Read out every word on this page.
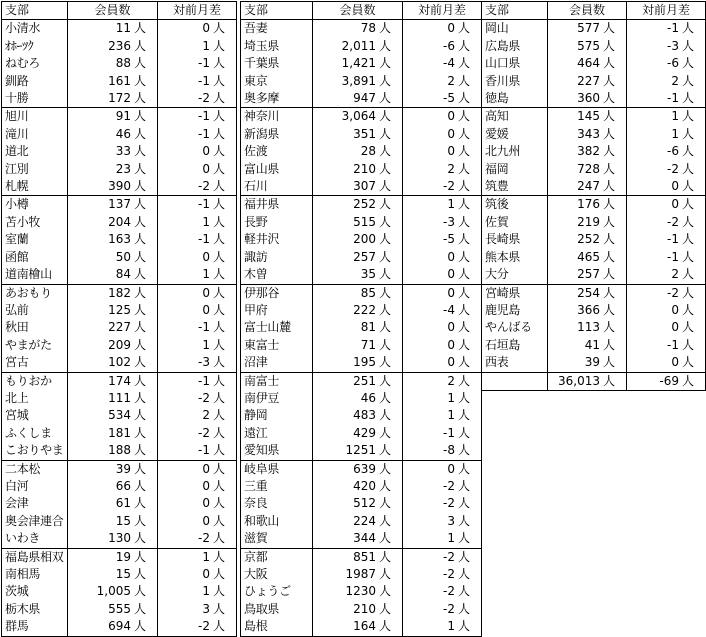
支部	会員数	対前月差
小清水	11 人	0 人
ｵﾎｰﾂｸ	236 人	1 人
ねむろ	88 人	-1 人
釧路	161 人	-1 人
十勝	172 人	-2 人
旭川	91 人	-1 人
滝川	46 人	-1 人
道北	33 人	0 人
江別	23 人	0 人
札幌	390 人	-2 人
小樽	137 人	-1 人
苫小牧	204 人	1 人
室蘭	163 人	-1 人
函館	50 人	0 人
道南檜山	84 人	1 人
あおもり	182 人	0 人
弘前	125 人	0 人
秋田	227 人	-1 人
やまがた	209 人	1 人
宮古	102 人	-3 人
もりおか	174 人	-1 人
北上	111 人	-2 人
宮城	534 人	2 人
ふくしま	181 人	-2 人
こおりやま	188 人	-1 人
二本松	39 人	0 人
白河	66 人	0 人
会津	61 人	0 人
奥会津連合	15 人	0 人
いわき	130 人	-2 人
福島県相双	19 人	1 人
南相馬	15 人	0 人
茨城	1,005 人	1 人
栃木県	555 人	3 人
群馬	694 人	-2 人
支部	会員数	対前月差
吾妻	78 人	0 人
埼玉県	2,011 人	-6 人
千葉県	1,421 人	-4 人
東京	3,891 人	2 人
奥多摩	947 人	-5 人
神奈川	3,064 人	0 人
新潟県	351 人	0 人
佐渡	28 人	0 人
富山県	210 人	2 人
石川	307 人	-2 人
福井県	252 人	1 人
長野	515 人	-3 人
軽井沢	200 人	-5 人
諏訪	257 人	0 人
木曽	35 人	0 人
伊那谷	85 人	0 人
甲府	222 人	-4 人
富士山麓	81 人	0 人
東富士	71 人	0 人
沼津	195 人	0 人
南富士	251 人	2 人
南伊豆	46 人	1 人
静岡	483 人	1 人
遠江	429 人	-1 人
愛知県	1251 人	-8 人
岐阜県	639 人	0 人
三重	420 人	-2 人
奈良	512 人	-2 人
和歌山	224 人	3 人
滋賀	344 人	1 人
京都	851 人	-2 人
大阪	1987 人	-2 人
ひょうご	1230 人	-2 人
鳥取県	210 人	-2 人
島根	164 人	1 人
支部	会員数	対前月差
岡山	577 人	-1 人
広島県	575 人	-3 人
山口県	464 人	-6 人
香川県	227 人	2 人
徳島	360 人	-1 人
高知	145 人	1 人
愛媛	343 人	1 人
北九州	382 人	-6 人
福岡	728 人	-2 人
筑豊	247 人	0 人
筑後	176 人	0 人
佐賀	219 人	-2 人
長崎県	252 人	-1 人
熊本県	465 人	-1 人
大分	257 人	2 人
宮崎県	254 人	-2 人
鹿児島	366 人	0 人
やんばる	113 人	0 人
石垣島	41 人	-1 人
西表	39 人	0 人
	36,013 人	-69 人
